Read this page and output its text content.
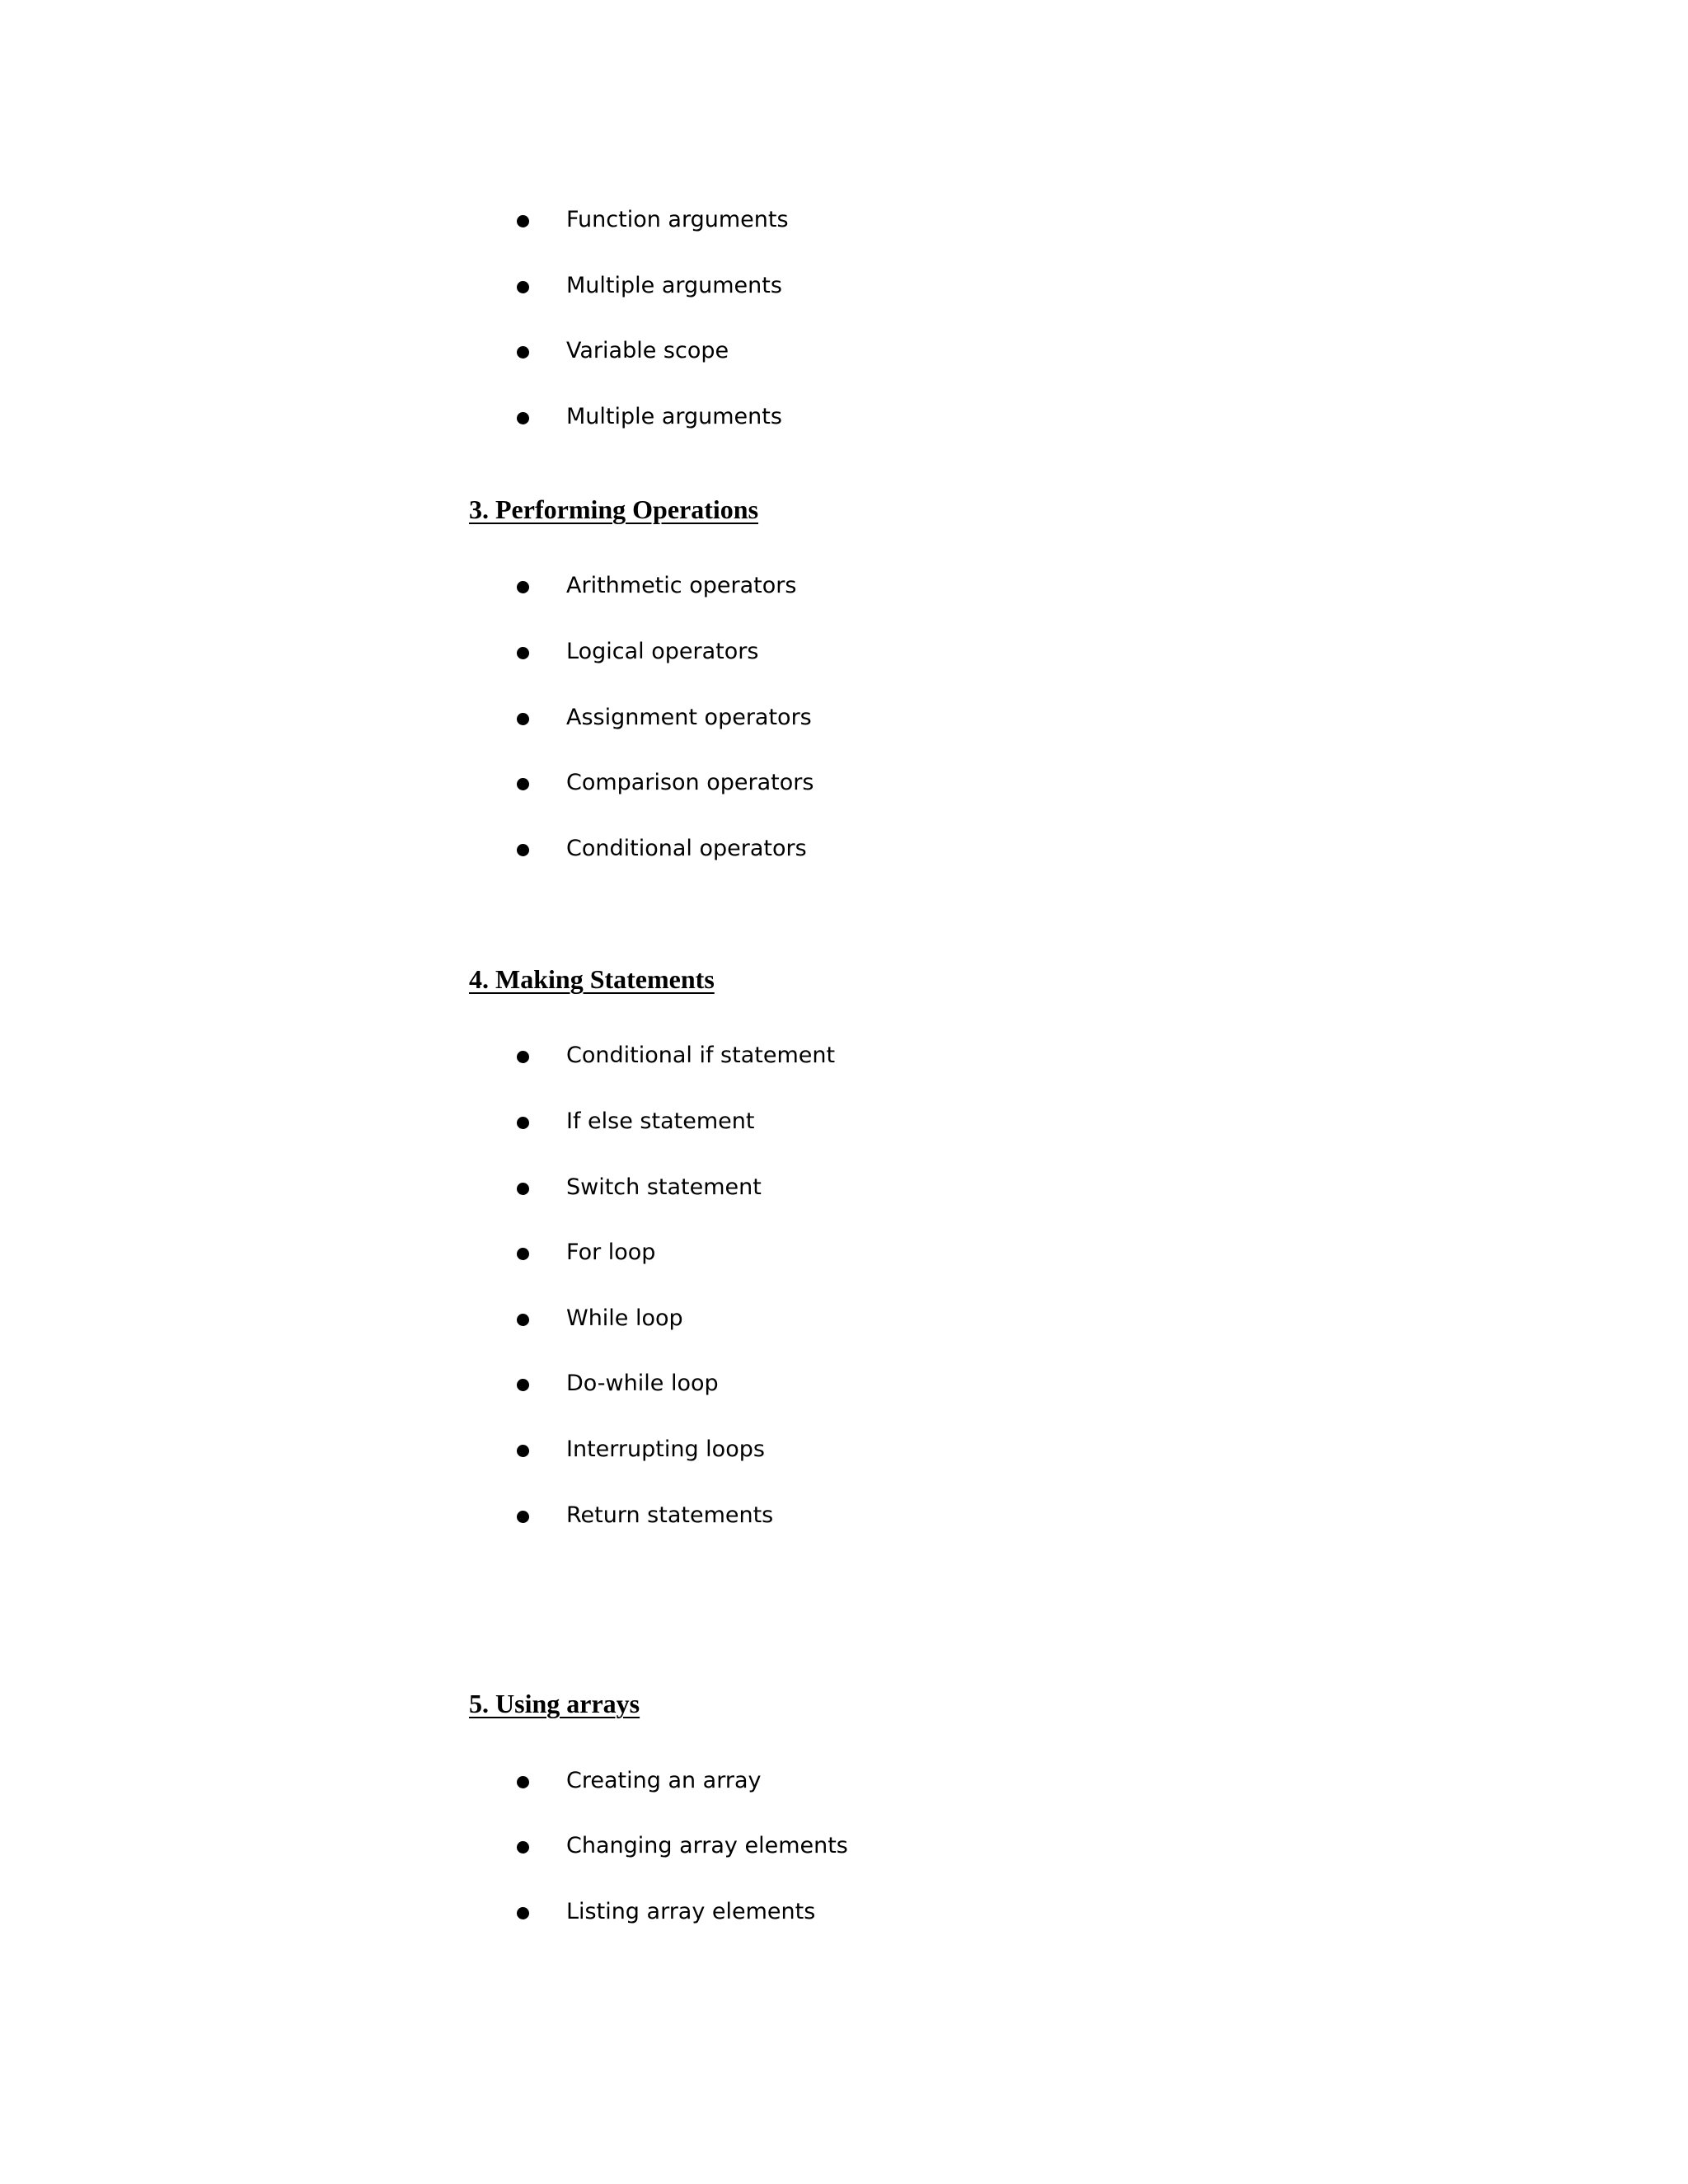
Function arguments
Multiple arguments
Variable scope
Multiple arguments
3. Performing Operations
Arithmetic operators
Logical operators
Assignment operators
Comparison operators
Conditional operators
4. Making Statements
Conditional if statement
If else statement
Switch statement
For loop
While loop
Do-while loop
Interrupting loops
Return statements
5. Using arrays
Creating an array
Changing array elements
Listing array elements
